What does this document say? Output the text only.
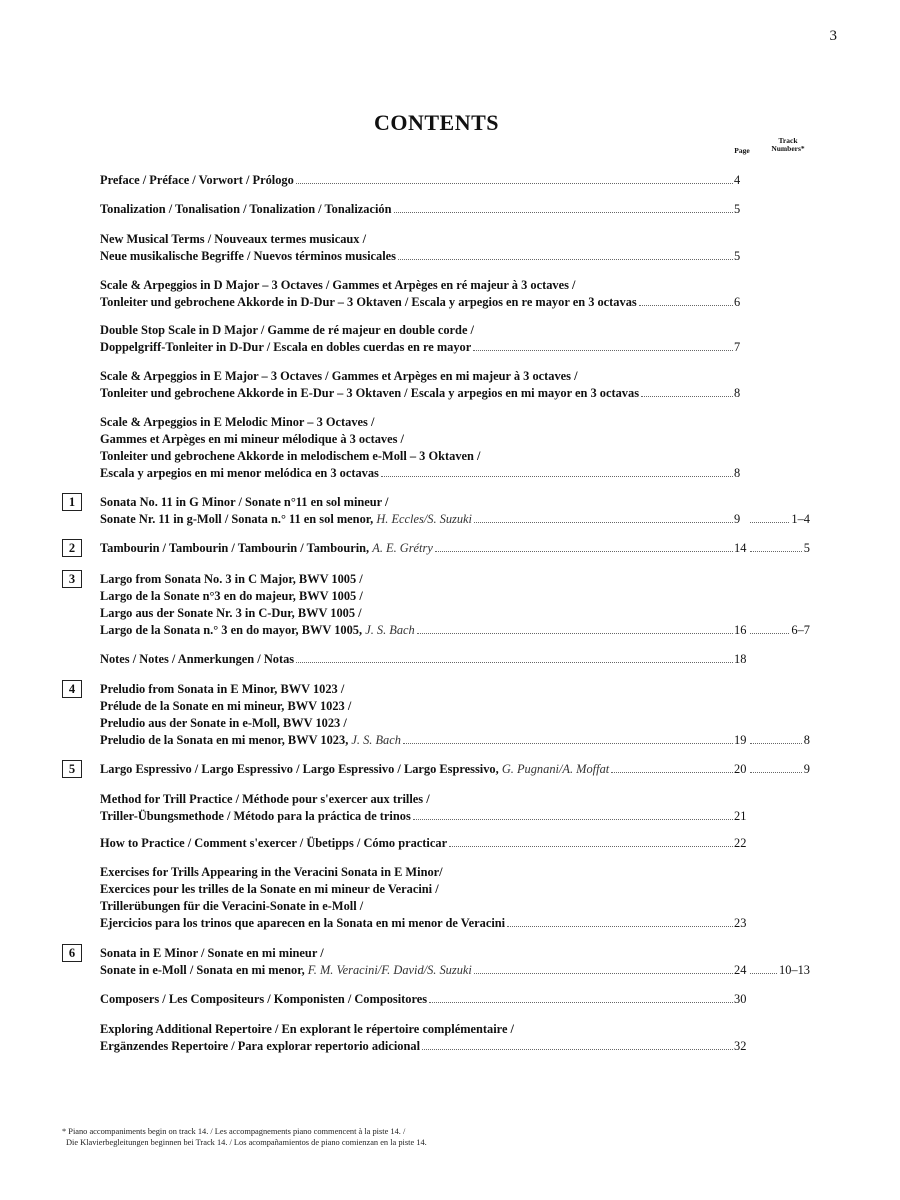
3
CONTENTS
Page
Track
Numbers*
Preface / Préface / Vorwort / Prólogo	4
Tonalization / Tonalisation / Tonalization / Tonalización	5
New Musical Terms / Nouveaux termes musicaux /
Neue musikalische Begriffe / Nuevos términos musicales	5
Scale & Arpeggios in D Major – 3 Octaves / Gammes et Arpèges en ré majeur à 3 octaves /
Tonleiter und gebrochene Akkorde in D-Dur – 3 Oktaven / Escala y arpegios en re mayor en 3 octavas	6
Double Stop Scale in D Major / Gamme de ré majeur en double corde /
Doppelgriff-Tonleiter in D-Dur / Escala en dobles cuerdas en re mayor	7
Scale & Arpeggios in E Major – 3 Octaves / Gammes et Arpèges en mi majeur à 3 octaves /
Tonleiter und gebrochene Akkorde in E-Dur – 3 Oktaven / Escala y arpegios en mi mayor en 3 octavas	8
Scale & Arpeggios in E Melodic Minor – 3 Octaves /
Gammes et Arpèges en mi mineur mélodique à 3 octaves /
Tonleiter und gebrochene Akkorde in melodischem e-Moll – 3 Oktaven /
Escala y arpegios en mi menor melódica en 3 octavas	8
1	Sonata No. 11 in G Minor / Sonate n°11 en sol mineur /
Sonate Nr. 11 in g-Moll / Sonata n.° 11 en sol menor, H. Eccles/S. Suzuki	9	1–4
2	Tambourin / Tambourin / Tambourin / Tambourin, A. E. Grétry	14	5
3	Largo from Sonata No. 3 in C Major, BWV 1005 /
Largo de la Sonate n°3 en do majeur, BWV 1005 /
Largo aus der Sonate Nr. 3 in C-Dur, BWV 1005 /
Largo de la Sonata n.° 3 en do mayor, BWV 1005, J. S. Bach	16	6–7
Notes / Notes / Anmerkungen / Notas	18
4	Preludio from Sonata in E Minor, BWV 1023 /
Prélude de la Sonate en mi mineur, BWV 1023 /
Preludio aus der Sonate in e-Moll, BWV 1023 /
Preludio de la Sonata en mi menor, BWV 1023, J. S. Bach	19	8
5	Largo Espressivo / Largo Espressivo / Largo Espressivo / Largo Espressivo, G. Pugnani/A. Moffat	20	9
Method for Trill Practice / Méthode pour s'exercer aux trilles /
Triller-Übungsmethode / Método para la práctica de trinos	21
How to Practice / Comment s'exercer / Übetipps / Cómo practicar	22
Exercises for Trills Appearing in the Veracini Sonata in E Minor/
Exercices pour les trilles de la Sonate en mi mineur de Veracini /
Trillerübungen für die Veracini-Sonate in e-Moll /
Ejercicios para los trinos que aparecen en la Sonata en mi menor de Veracini	23
6	Sonata in E Minor / Sonate en mi mineur /
Sonate in e-Moll / Sonata en mi menor, F. M. Veracini/F. David/S. Suzuki	24	10–13
Composers / Les Compositeurs / Komponisten / Compositores	30
Exploring Additional Repertoire / En explorant le répertoire complémentaire /
Ergänzendes Repertoire / Para explorar repertorio adicional	32
* Piano accompaniments begin on track 14. / Les accompagnements piano commencent à la piste 14. /
Die Klavierbegleitungen beginnen bei Track 14. / Los acompañamientos de piano comienzan en la piste 14.
